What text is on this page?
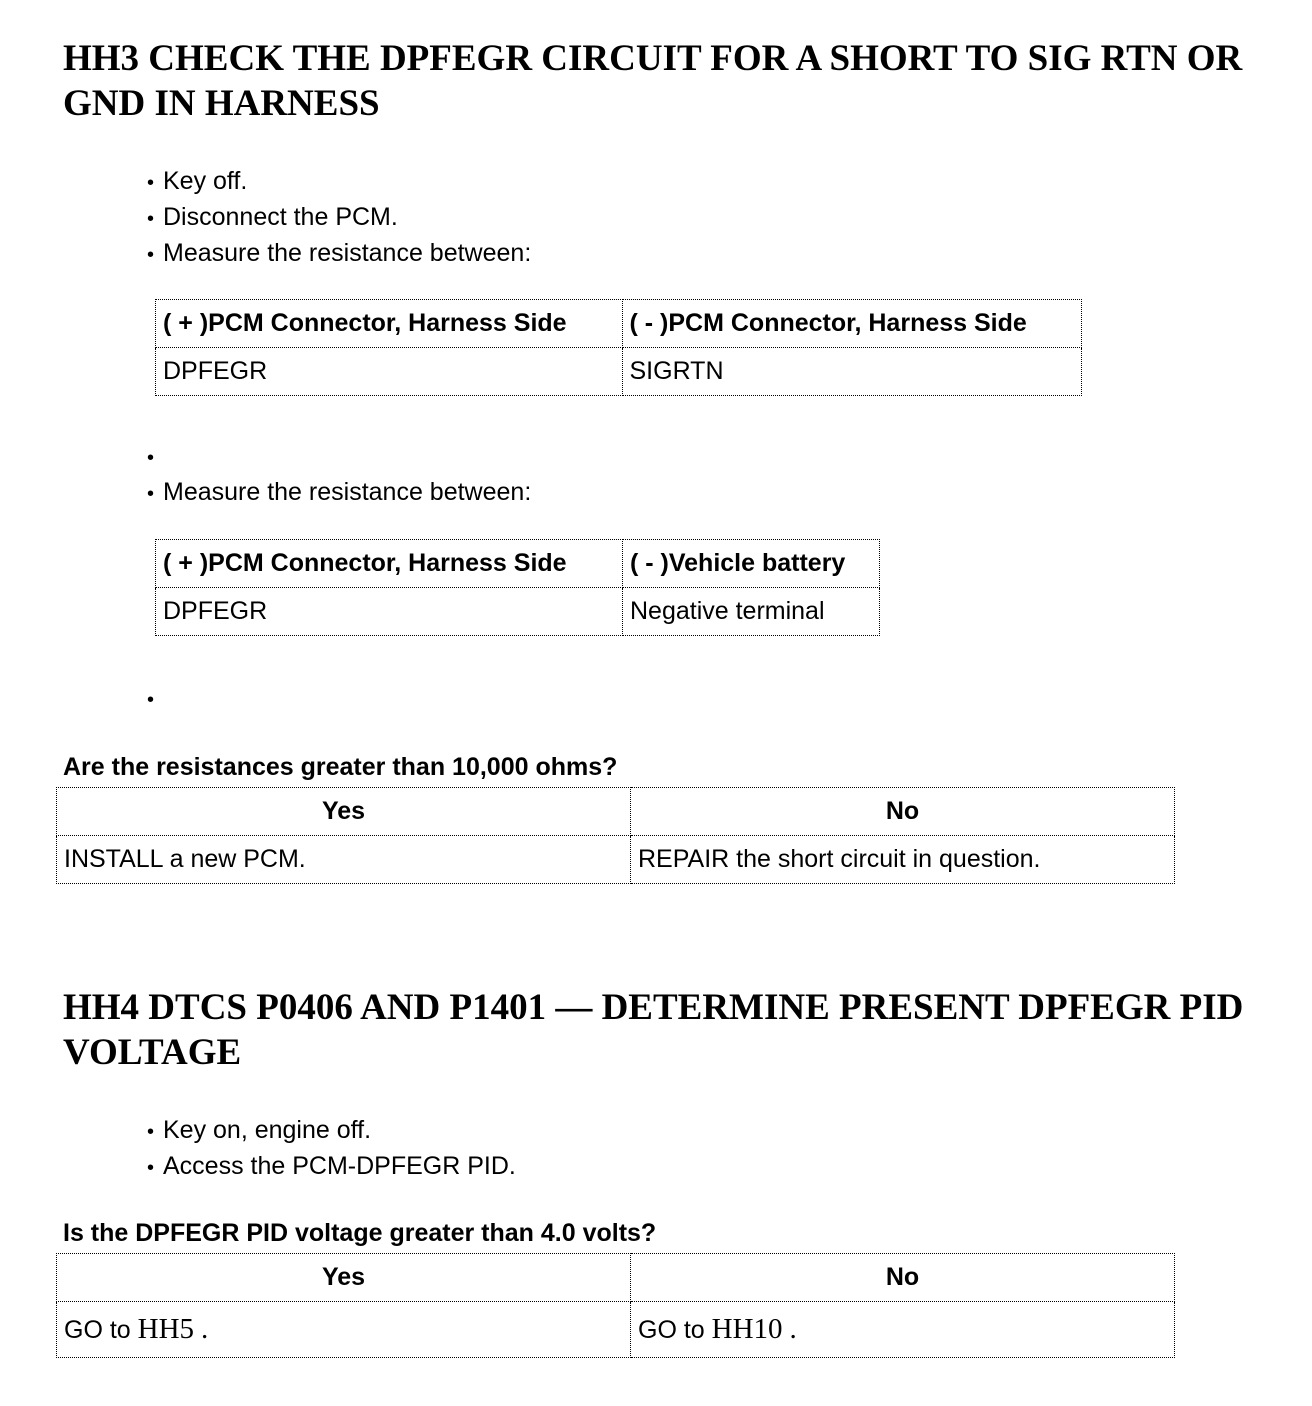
HH3 CHECK THE DPFEGR CIRCUIT FOR A SHORT TO SIG RTN OR GND IN HARNESS
• Key off.
• Disconnect the PCM.
• Measure the resistance between:
( + )PCM Connector, Harness Side	( - )PCM Connector, Harness Side
DPFEGR	SIGRTN
•
• Measure the resistance between:
( + )PCM Connector, Harness Side	( - )Vehicle battery
DPFEGR	Negative terminal
•
Are the resistances greater than 10,000 ohms?
Yes	No
INSTALL a new PCM.	REPAIR the short circuit in question.
HH4 DTCS P0406 AND P1401 — DETERMINE PRESENT DPFEGR PID VOLTAGE
• Key on, engine off.
• Access the PCM-DPFEGR PID.
Is the DPFEGR PID voltage greater than 4.0 volts?
Yes	No
GO to HH5 .	GO to HH10 .
